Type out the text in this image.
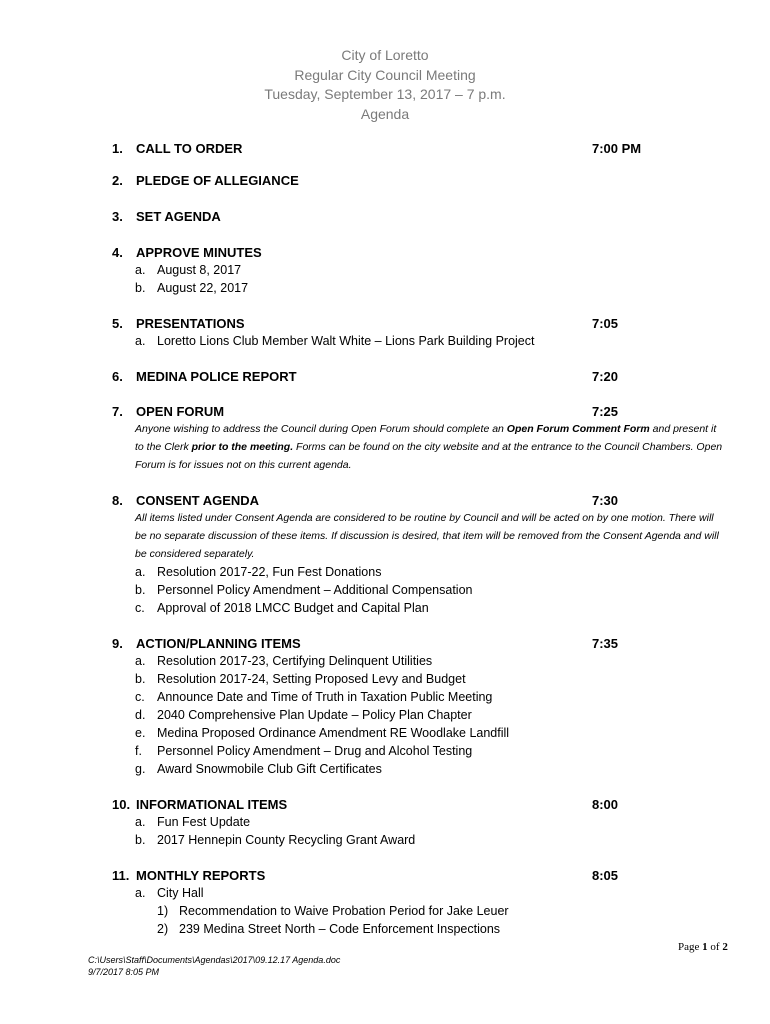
City of Loretto
Regular City Council Meeting
Tuesday, September 13, 2017 – 7 p.m.
Agenda
1. CALL TO ORDER	7:00 PM
2. PLEDGE OF ALLEGIANCE
3. SET AGENDA
4. APPROVE MINUTES
a. August 8, 2017
b. August 22, 2017
5. PRESENTATIONS	7:05
a. Loretto Lions Club Member Walt White – Lions Park Building Project
6. MEDINA POLICE REPORT	7:20
7. OPEN FORUM	7:25
Anyone wishing to address the Council during Open Forum should complete an Open Forum Comment Form and present it to the Clerk prior to the meeting. Forms can be found on the city website and at the entrance to the Council Chambers. Open Forum is for issues not on this current agenda.
8. CONSENT AGENDA	7:30
All items listed under Consent Agenda are considered to be routine by Council and will be acted on by one motion. There will be no separate discussion of these items. If discussion is desired, that item will be removed from the Consent Agenda and will be considered separately.
a. Resolution 2017-22, Fun Fest Donations
b. Personnel Policy Amendment – Additional Compensation
c. Approval of 2018 LMCC Budget and Capital Plan
9. ACTION/PLANNING ITEMS	7:35
a. Resolution 2017-23, Certifying Delinquent Utilities
b. Resolution 2017-24, Setting Proposed Levy and Budget
c. Announce Date and Time of Truth in Taxation Public Meeting
d. 2040 Comprehensive Plan Update – Policy Plan Chapter
e. Medina Proposed Ordinance Amendment RE Woodlake Landfill
f.	Personnel Policy Amendment – Drug and Alcohol Testing
g. Award Snowmobile Club Gift Certificates
10. INFORMATIONAL ITEMS	8:00
a. Fun Fest Update
b. 2017 Hennepin County Recycling Grant Award
11. MONTHLY REPORTS	8:05
a. City Hall
1) Recommendation to Waive Probation Period for Jake Leuer
2) 239 Medina Street North – Code Enforcement Inspections
Page 1 of 2
C:\Users\Staff\Documents\Agendas\2017\09.12.17 Agenda.doc
9/7/2017 8:05 PM
